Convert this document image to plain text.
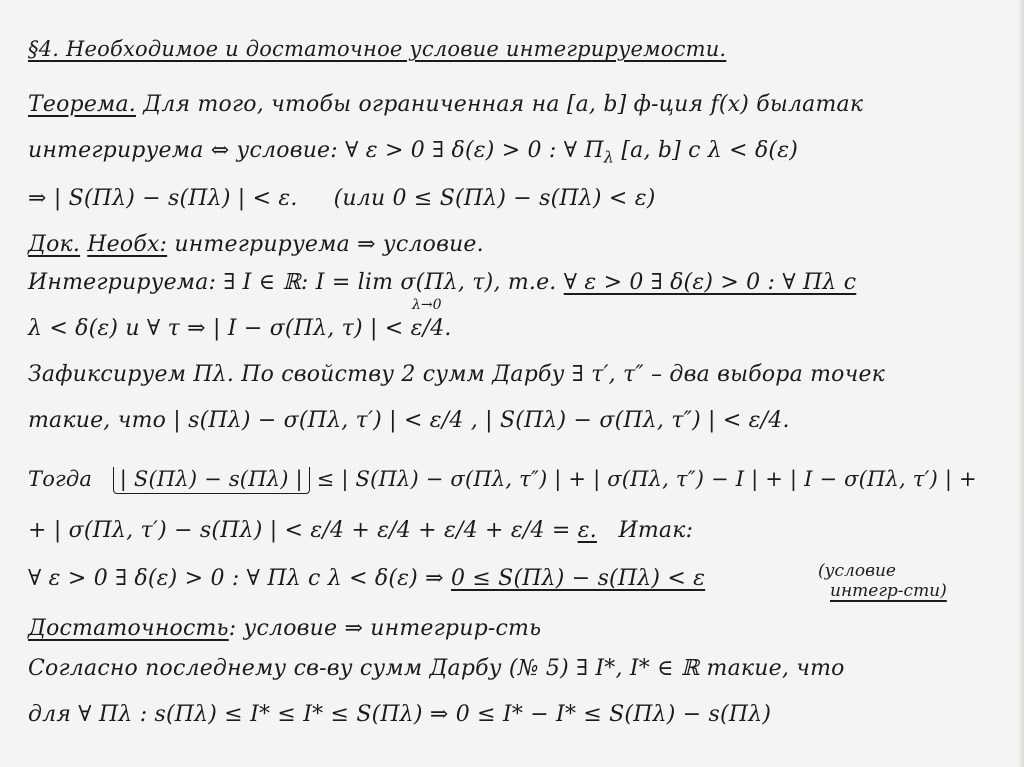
§4. Необходимое и достаточное условие интегрируемости.
Теорема. Для того, чтобы ограниченная на [a, b] ф-ция f(x) былатак
интегрируема ⇔ условие: ∀ ε > 0 ∃ δ(ε) > 0 : ∀ $\Pi_\lambda$ [a, b] с λ < δ(ε)
⇒ | S(Πλ) − s(Πλ) | < ε. (или 0 ≤ S(Πλ) − s(Πλ) < ε)
Док. Необх: интегрируема ⇒ условие.
Интегрируема: ∃ I ∈ ℝ: I = lim σ(Πλ, τ), т.е. ∀ ε > 0 ∃ δ(ε) > 0 : ∀ Πλ с
λ→0
λ < δ(ε) и ∀ τ ⇒ | I − σ(Πλ, τ) | < ε/4.
Зафиксируем Πλ. По свойству 2 сумм Дарбу ∃ τ′, τ″ – два выбора точек
такие, что | s(Πλ) − σ(Πλ, τ′) | < ε/4 , | S(Πλ) − σ(Πλ, τ″) | < ε/4.
Тогда | S(Πλ) − s(Πλ) | ≤ | S(Πλ) − σ(Πλ, τ″) | + | σ(Πλ, τ″) − I | + | I − σ(Πλ, τ′) | +
+ | σ(Πλ, τ′) − s(Πλ) | < ε/4 + ε/4 + ε/4 + ε/4 = ε. Итак:
∀ ε > 0 ∃ δ(ε) > 0 : ∀ Πλ с λ < δ(ε) ⇒ 0 ≤ S(Πλ) − s(Πλ) < ε	(условие
интегр-сти)
Достаточность: условие ⇒ интегрир-сть
Согласно последнему св-ву сумм Дарбу (№ 5) ∃ I*, I* ∈ ℝ такие, что
для ∀ Πλ : s(Πλ) ≤ I* ≤ I* ≤ S(Πλ) ⇒ 0 ≤ I* − I* ≤ S(Πλ) − s(Πλ)
